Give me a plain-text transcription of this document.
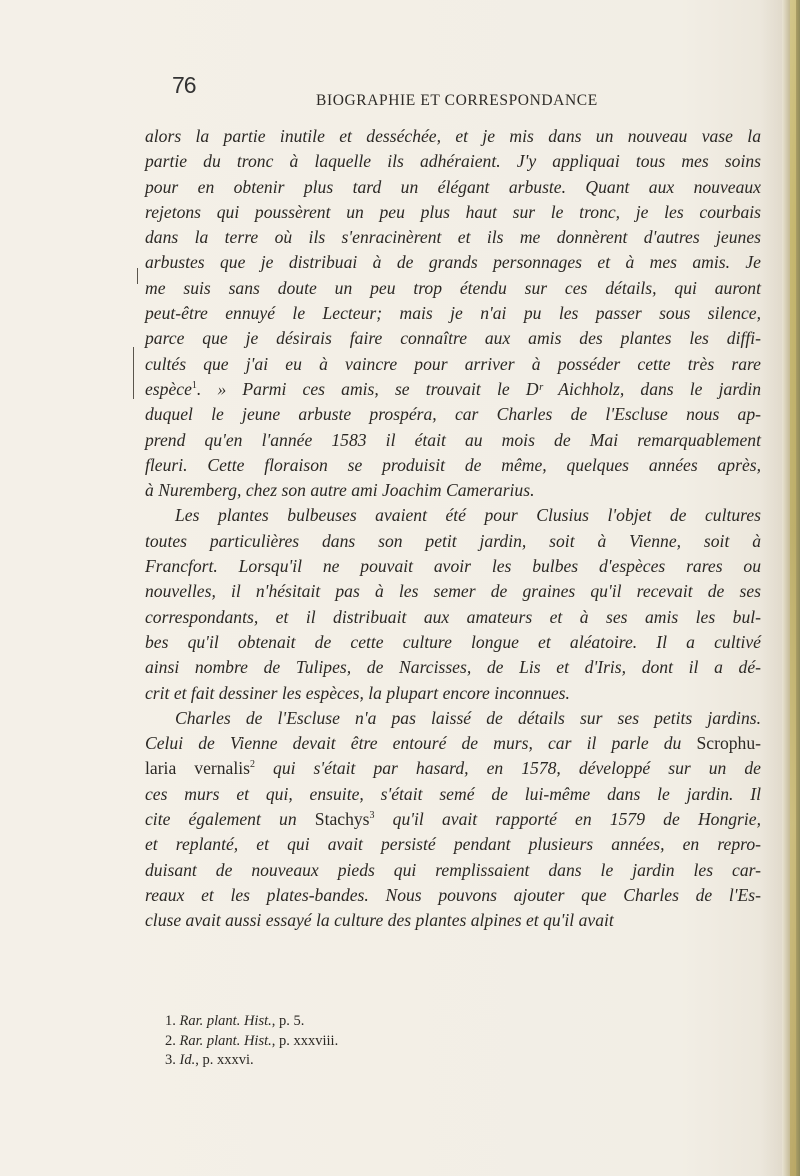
76
BIOGRAPHIE ET CORRESPONDANCE
alors la partie inutile et desséchée, et je mis dans un nouveau vase la
partie du tronc à laquelle ils adhéraient. J'y appliquai tous mes soins
pour en obtenir plus tard un élégant arbuste. Quant aux nouveaux
rejetons qui poussèrent un peu plus haut sur le tronc, je les courbais
dans la terre où ils s'enracinèrent et ils me donnèrent d'autres jeunes
arbustes que je distribuai à de grands personnages et à mes amis. Je
me suis sans doute un peu trop étendu sur ces détails, qui auront
peut-être ennuyé le Lecteur; mais je n'ai pu les passer sous silence,
parce que je désirais faire connaître aux amis des plantes les diffi-
cultés que j'ai eu à vaincre pour arriver à posséder cette très rare
espèce$^1$. » Parmi ces amis, se trouvait le Dʳ Aichholz, dans le jardin
duquel le jeune arbuste prospéra, car Charles de l'Escluse nous ap-
prend qu'en l'année 1583 il était au mois de Mai remarquablement
fleuri. Cette floraison se produisit de même, quelques années après,
à Nuremberg, chez son autre ami Joachim Camerarius.
Les plantes bulbeuses avaient été pour Clusius l'objet de cultures
toutes particulières dans son petit jardin, soit à Vienne, soit à
Francfort. Lorsqu'il ne pouvait avoir les bulbes d'espèces rares ou
nouvelles, il n'hésitait pas à les semer de graines qu'il recevait de ses
correspondants, et il distribuait aux amateurs et à ses amis les bul-
bes qu'il obtenait de cette culture longue et aléatoire. Il a cultivé
ainsi nombre de Tulipes, de Narcisses, de Lis et d'Iris, dont il a dé-
crit et fait dessiner les espèces, la plupart encore inconnues.
Charles de l'Escluse n'a pas laissé de détails sur ses petits jardins.
Celui de Vienne devait être entouré de murs, car il parle du Scrophu-
laria vernalis$^2$ qui s'était par hasard, en 1578, développé sur un de
ces murs et qui, ensuite, s'était semé de lui-même dans le jardin. Il
cite également un Stachys$^3$ qu'il avait rapporté en 1579 de Hongrie,
et replanté, et qui avait persisté pendant plusieurs années, en repro-
duisant de nouveaux pieds qui remplissaient dans le jardin les car-
reaux et les plates-bandes. Nous pouvons ajouter que Charles de l'Es-
cluse avait aussi essayé la culture des plantes alpines et qu'il avait
1. Rar. plant. Hist., p. 5.
2. Rar. plant. Hist., p. xxxviii.
3. Id., p. xxxvi.
